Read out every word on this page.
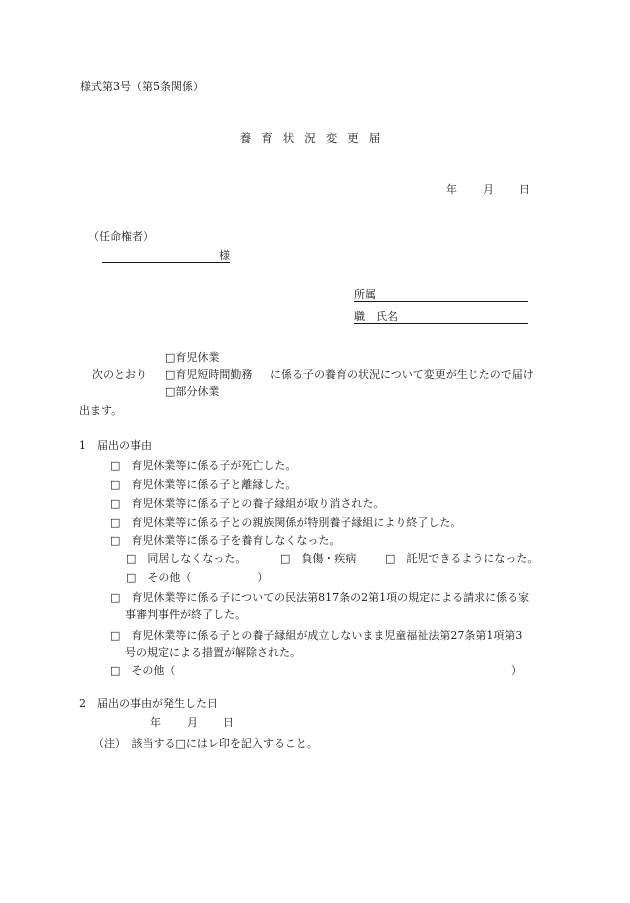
様式第3号（第5条関係）
養育状況変更届
年 月 日
（任命権者）
様
所属
職　氏名
□育児休業
□育児短時間勤務
□部分休業
次のとおり	に係る子の養育の状況について変更が生じたので届け
出ます。
1　届出の事由
□ 育児休業等に係る子が死亡した。
□ 育児休業等に係る子と離縁した。
□ 育児休業等に係る子との養子縁組が取り消された。
□ 育児休業等に係る子との親族関係が特別養子縁組により終了した。
□ 育児休業等に係る子を養育しなくなった。
□　同居しなくなった。	□　負傷・疾病	□　託児できるようになった。
□　その他（　　　　　　）
□ 育児休業等に係る子についての民法第817条の2第1項の規定による請求に係る家
事審判事件が終了した。
□ 育児休業等に係る子との養子縁組が成立しないまま児童福祉法第27条第1項第3
号の規定による措置が解除された。
□ その他（	）
2　届出の事由が発生した日
年 月 日
（注）　該当する□にはレ印を記入すること。
